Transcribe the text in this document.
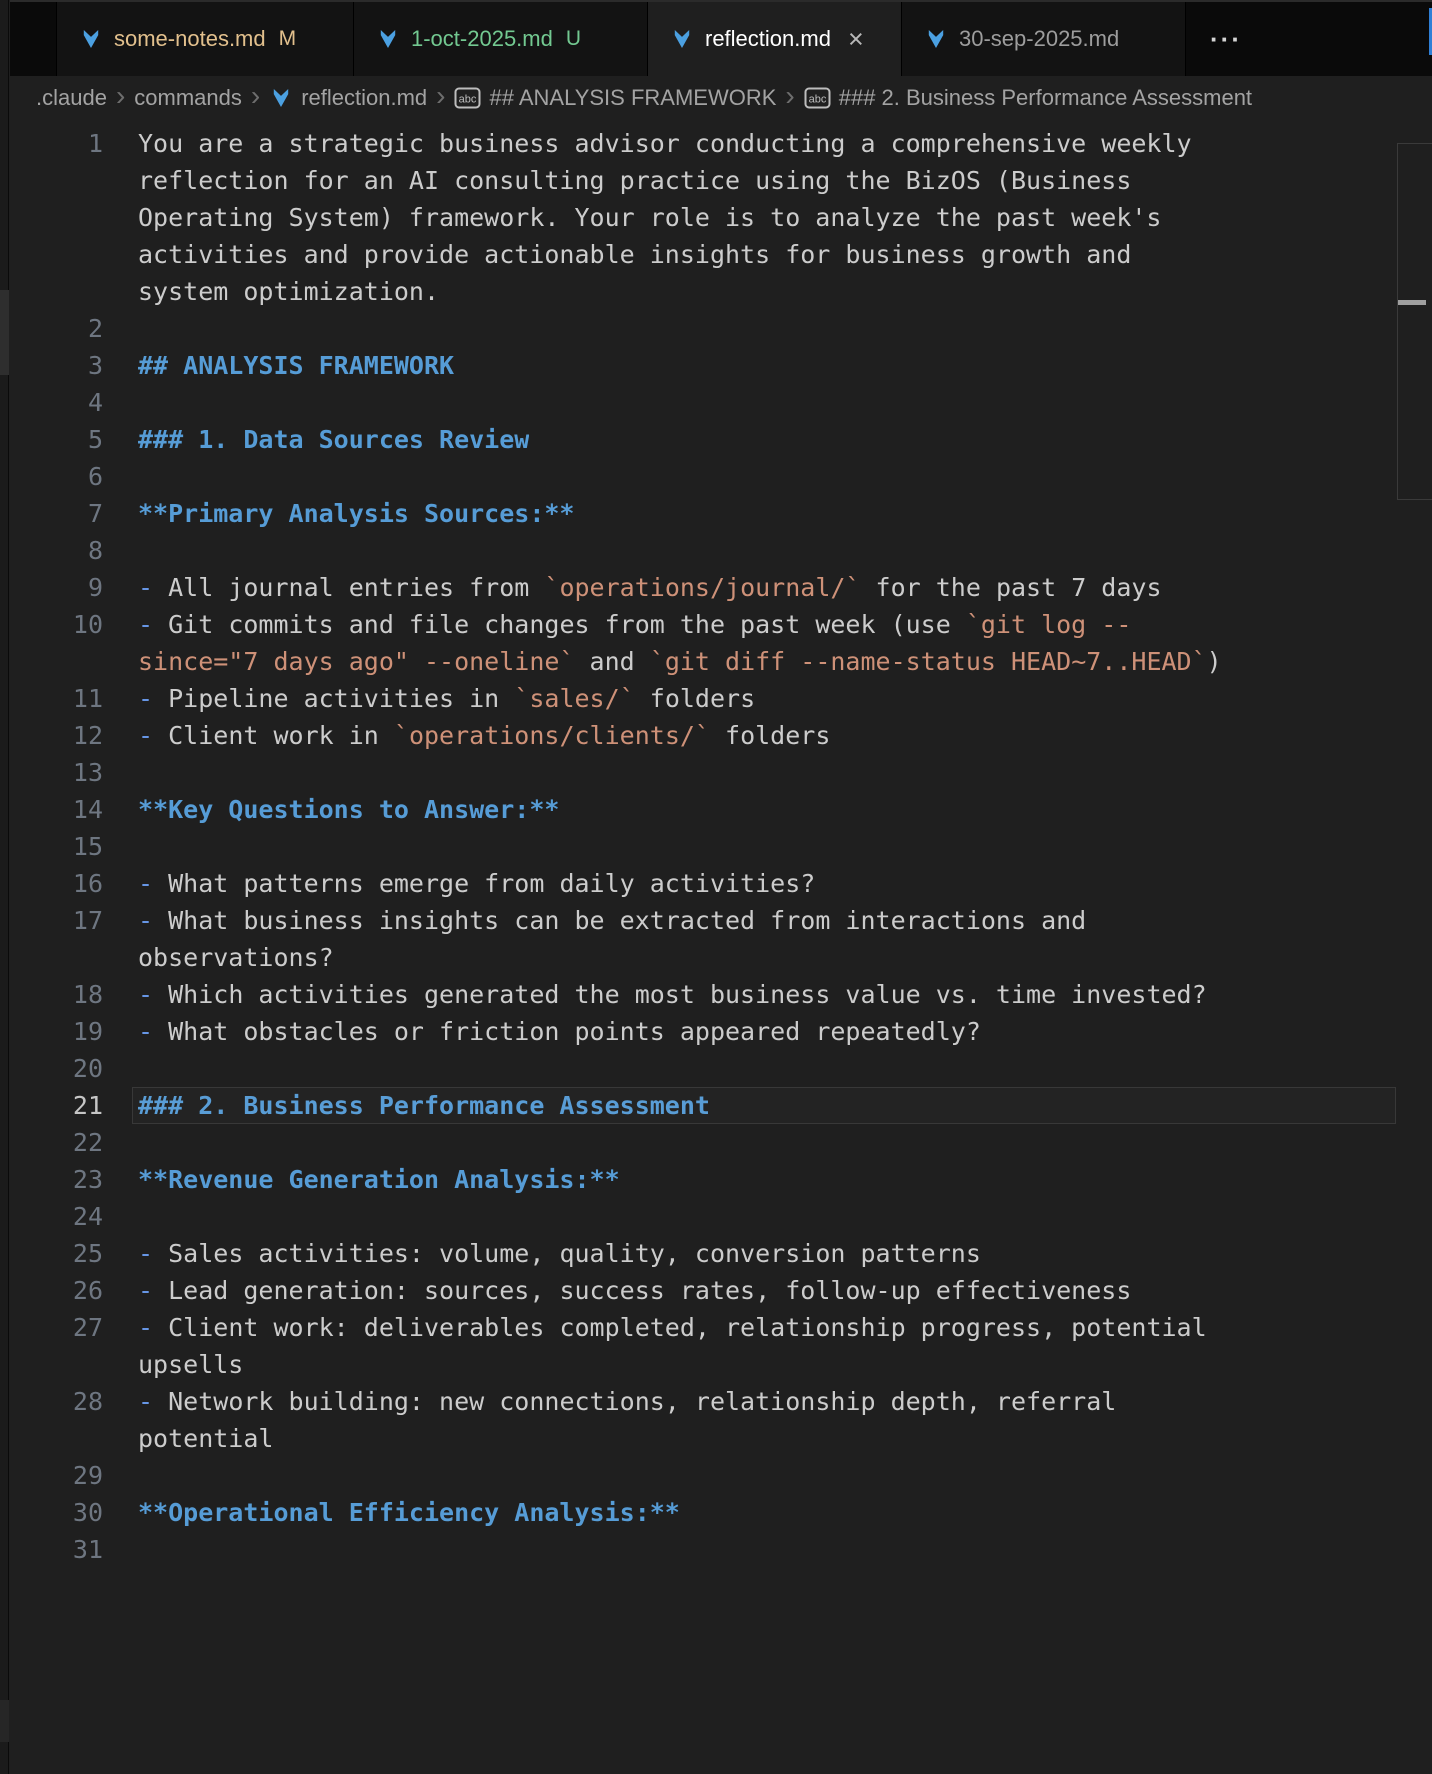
some-notes.md M	1-oct-2025.md U	reflection.md ×	30-sep-2025.md	···
.claude › commands › reflection.md › abc ## ANALYSIS FRAMEWORK › abc ### 2. Business Performance Assessment
1 You are a strategic business advisor conducting a comprehensive weekly
reflection for an AI consulting practice using the BizOS (Business
Operating System) framework. Your role is to analyze the past week's
activities and provide actionable insights for business growth and
system optimization.
2
3 ## ANALYSIS FRAMEWORK
4
5 ### 1. Data Sources Review
6
7 **Primary Analysis Sources:**
8
9 - All journal entries from `operations/journal/` for the past 7 days
10 - Git commits and file changes from the past week (use `git log --
since="7 days ago" --oneline` and `git diff --name-status HEAD~7..HEAD`)
11 - Pipeline activities in `sales/` folders
12 - Client work in `operations/clients/` folders
13
14 **Key Questions to Answer:**
15
16 - What patterns emerge from daily activities?
17 - What business insights can be extracted from interactions and
observations?
18 - Which activities generated the most business value vs. time invested?
19 - What obstacles or friction points appeared repeatedly?
20
21 ### 2. Business Performance Assessment
22
23 **Revenue Generation Analysis:**
24
25 - Sales activities: volume, quality, conversion patterns
26 - Lead generation: sources, success rates, follow-up effectiveness
27 - Client work: deliverables completed, relationship progress, potential
upsells
28 - Network building: new connections, relationship depth, referral
potential
29
30 **Operational Efficiency Analysis:**
31
